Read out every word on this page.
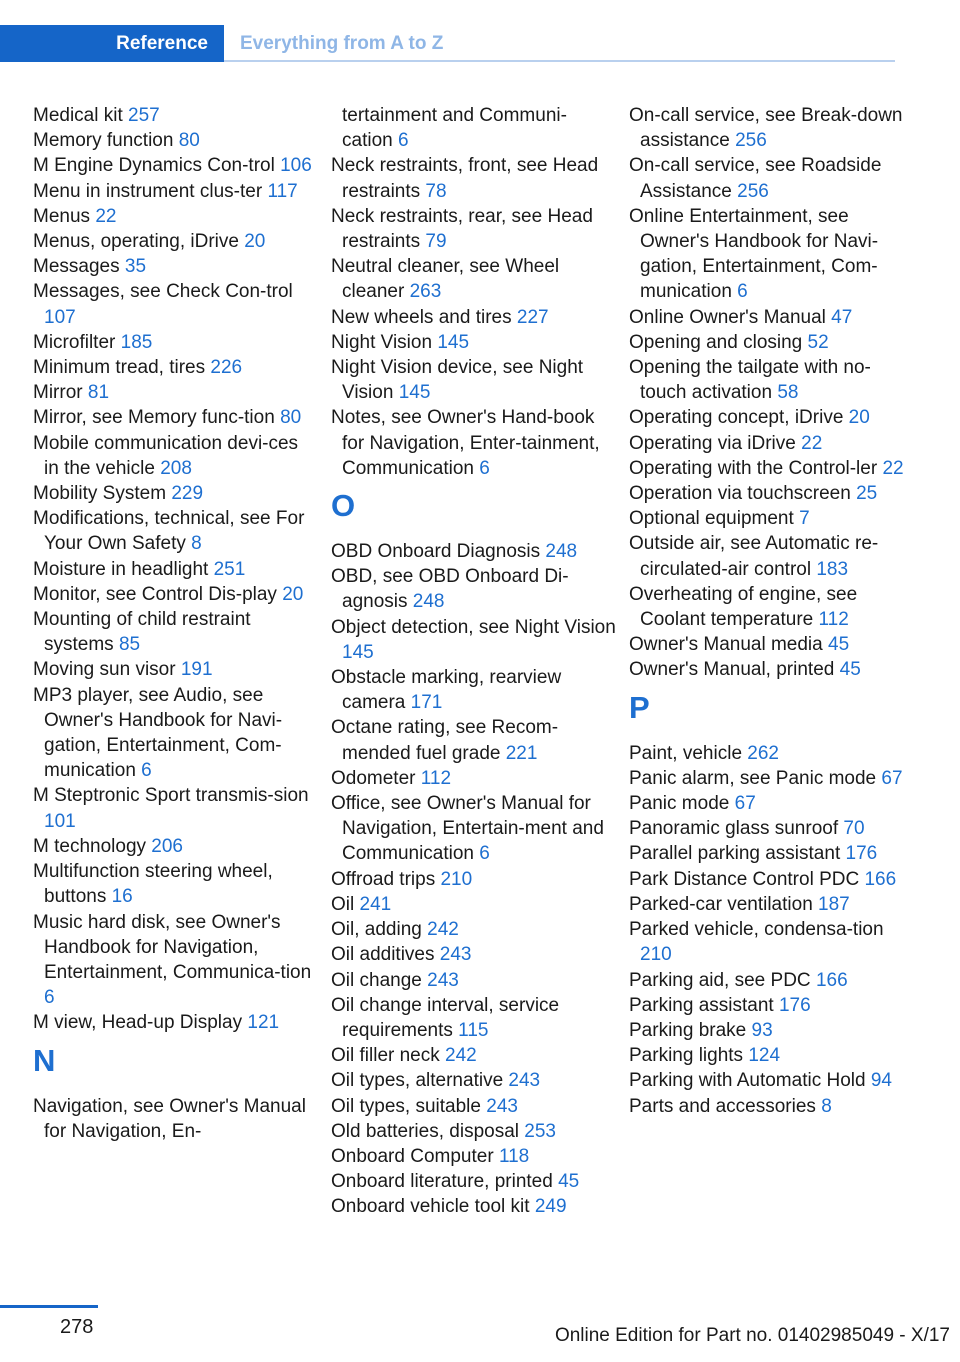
Reference	Everything from A to Z
Medical kit 257
Memory function 80
M Engine Dynamics Con‐trol 106
Menu in instrument clus‐ter 117
Menus 22
Menus, operating, iDrive 20
Messages 35
Messages, see Check Con‐trol 107
Microfilter 185
Minimum tread, tires 226
Mirror 81
Mirror, see Memory func‐tion 80
Mobile communication devi‐ces in the vehicle 208
Mobility System 229
Modifications, technical, see For Your Own Safety 8
Moisture in headlight 251
Monitor, see Control Dis‐play 20
Mounting of child restraint systems 85
Moving sun visor 191
MP3 player, see Audio, see Owner's Handbook for Navi‐gation, Entertainment, Com‐munication 6
M Steptronic Sport transmis‐sion 101
M technology 206
Multifunction steering wheel, buttons 16
Music hard disk, see Owner's Handbook for Navigation, Entertainment, Communica‐tion 6
M view, Head-up Display 121
N
Navigation, see Owner's Manual for Navigation, En‐
tertainment and Communi‐cation 6
Neck restraints, front, see Head restraints 78
Neck restraints, rear, see Head restraints 79
Neutral cleaner, see Wheel cleaner 263
New wheels and tires 227
Night Vision 145
Night Vision device, see Night Vision 145
Notes, see Owner's Hand‐book for Navigation, Enter‐tainment, Communication 6
O
OBD Onboard Diagnosis 248
OBD, see OBD Onboard Di‐agnosis 248
Object detection, see Night Vision 145
Obstacle marking, rearview camera 171
Octane rating, see Recom‐mended fuel grade 221
Odometer 112
Office, see Owner's Manual for Navigation, Entertain‐ment and Communication 6
Offroad trips 210
Oil 241
Oil, adding 242
Oil additives 243
Oil change 243
Oil change interval, service requirements 115
Oil filler neck 242
Oil types, alternative 243
Oil types, suitable 243
Old batteries, disposal 253
Onboard Computer 118
Onboard literature, printed 45
Onboard vehicle tool kit 249
On-call service, see Break‐down assistance 256
On-call service, see Roadside Assistance 256
Online Entertainment, see Owner's Handbook for Navi‐gation, Entertainment, Com‐munication 6
Online Owner's Manual 47
Opening and closing 52
Opening the tailgate with no-touch activation 58
Operating concept, iDrive 20
Operating via iDrive 22
Operating with the Control‐ler 22
Operation via touchscreen 25
Optional equipment 7
Outside air, see Automatic re‐circulated-air control 183
Overheating of engine, see Coolant temperature 112
Owner's Manual media 45
Owner's Manual, printed 45
P
Paint, vehicle 262
Panic alarm, see Panic mode 67
Panic mode 67
Panoramic glass sunroof 70
Parallel parking assistant 176
Park Distance Control PDC 166
Parked-car ventilation 187
Parked vehicle, condensa‐tion 210
Parking aid, see PDC 166
Parking assistant 176
Parking brake 93
Parking lights 124
Parking with Automatic Hold 94
Parts and accessories 8
278	Online Edition for Part no. 01402985049 - X/17
